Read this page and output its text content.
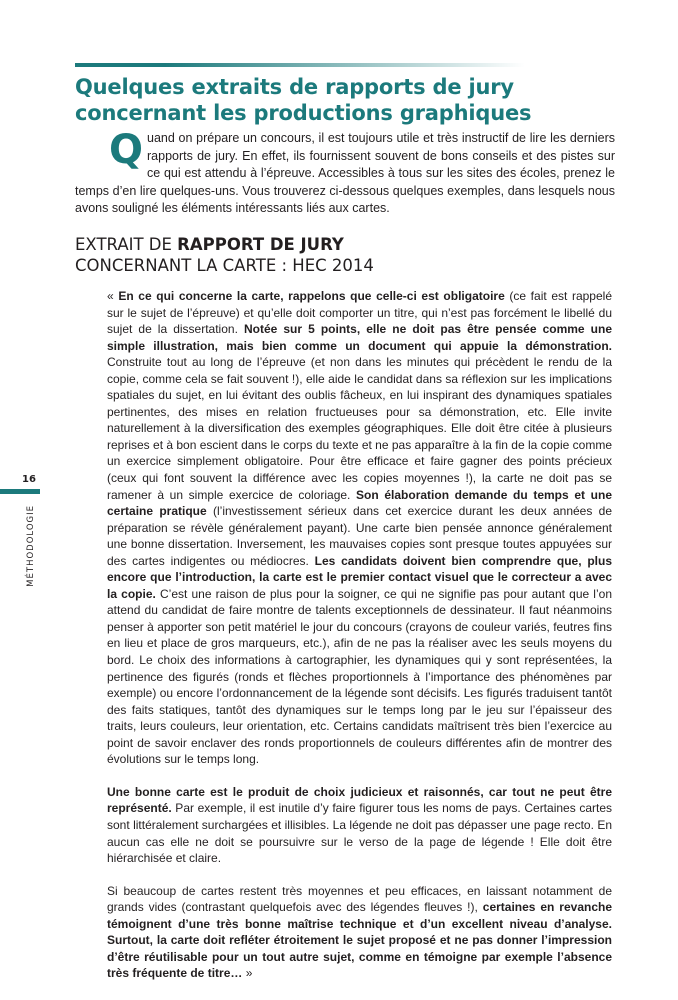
Quelques extraits de rapports de jury
concernant les productions graphiques
Quand on prépare un concours, il est toujours utile et très instructif de lire les derniers rapports de jury. En effet, ils fournissent souvent de bons conseils et des pistes sur ce qui est attendu à l’épreuve. Accessibles à tous sur les sites des écoles, prenez le temps d’en lire quelques-uns. Vous trouverez ci-dessous quelques exemples, dans lesquels nous avons souligné les éléments intéressants liés aux cartes.
EXTRAIT DE RAPPORT DE JURY
CONCERNANT LA CARTE : HEC 2014

« En ce qui concerne la carte, rappelons que celle-ci est obligatoire (ce fait est rappelé sur le sujet de l’épreuve) et qu’elle doit comporter un titre, qui n’est pas forcément le libellé du sujet de la dissertation. Notée sur 5 points, elle ne doit pas être pensée comme une simple illustration, mais bien comme un document qui appuie la démonstration. Construite tout au long de l’épreuve (et non dans les minutes qui précèdent le rendu de la copie, comme cela se fait souvent !), elle aide le candidat dans sa réflexion sur les implications spatiales du sujet, en lui évitant des oublis fâcheux, en lui inspirant des dynamiques spatiales pertinentes, des mises en relation fructueuses pour sa démonstration, etc. Elle invite naturellement à la diversification des exemples géographiques. Elle doit être citée à plusieurs reprises et à bon escient dans le corps du texte et ne pas apparaître à la fin de la copie comme un exercice simplement obligatoire. Pour être efficace et faire gagner des points précieux (ceux qui font souvent la différence avec les copies moyennes !), la carte ne doit pas se ramener à un simple exercice de coloriage. Son élaboration demande du temps et une certaine pratique (l’investissement sérieux dans cet exercice durant les deux années de préparation se révèle généralement payant). Une carte bien pensée annonce généralement une bonne dissertation. Inversement, les mauvaises copies sont presque toutes appuyées sur des cartes indigentes ou médiocres. Les candidats doivent bien comprendre que, plus encore que l’introduction, la carte est le premier contact visuel que le correcteur a avec la copie. C’est une raison de plus pour la soigner, ce qui ne signifie pas pour autant que l’on attend du candidat de faire montre de talents exceptionnels de dessinateur. Il faut néanmoins penser à apporter son petit matériel le jour du concours (crayons de couleur variés, feutres fins en lieu et place de gros marqueurs, etc.), afin de ne pas la réaliser avec les seuls moyens du bord. Le choix des informations à cartographier, les dynamiques qui y sont représentées, la pertinence des figurés (ronds et flèches proportionnels à l’importance des phénomènes par exemple) ou encore l’ordonnancement de la légende sont décisifs. Les figurés traduisent tantôt des faits statiques, tantôt des dynamiques sur le temps long par le jeu sur l’épaisseur des traits, leurs couleurs, leur orientation, etc. Certains candidats maîtrisent très bien l’exercice au point de savoir enclaver des ronds proportionnels de couleurs différentes afin de montrer des évolutions sur le temps long.

Une bonne carte est le produit de choix judicieux et raisonnés, car tout ne peut être représenté. Par exemple, il est inutile d’y faire figurer tous les noms de pays. Certaines cartes sont littéralement surchargées et illisibles. La légende ne doit pas dépasser une page recto. En aucun cas elle ne doit se poursuivre sur le verso de la page de légende ! Elle doit être hiérarchisée et claire.

Si beaucoup de cartes restent très moyennes et peu efficaces, en laissant notamment de grands vides (contrastant quelquefois avec des légendes fleuves !), certaines en revanche témoignent d’une très bonne maîtrise technique et d’un excellent niveau d’analyse. Surtout, la carte doit refléter étroitement le sujet proposé et ne pas donner l’impression d’être réutilisable pour un tout autre sujet, comme en témoigne par exemple l’absence très fréquente de titre… »

16
MÉTHODOLOGIE
